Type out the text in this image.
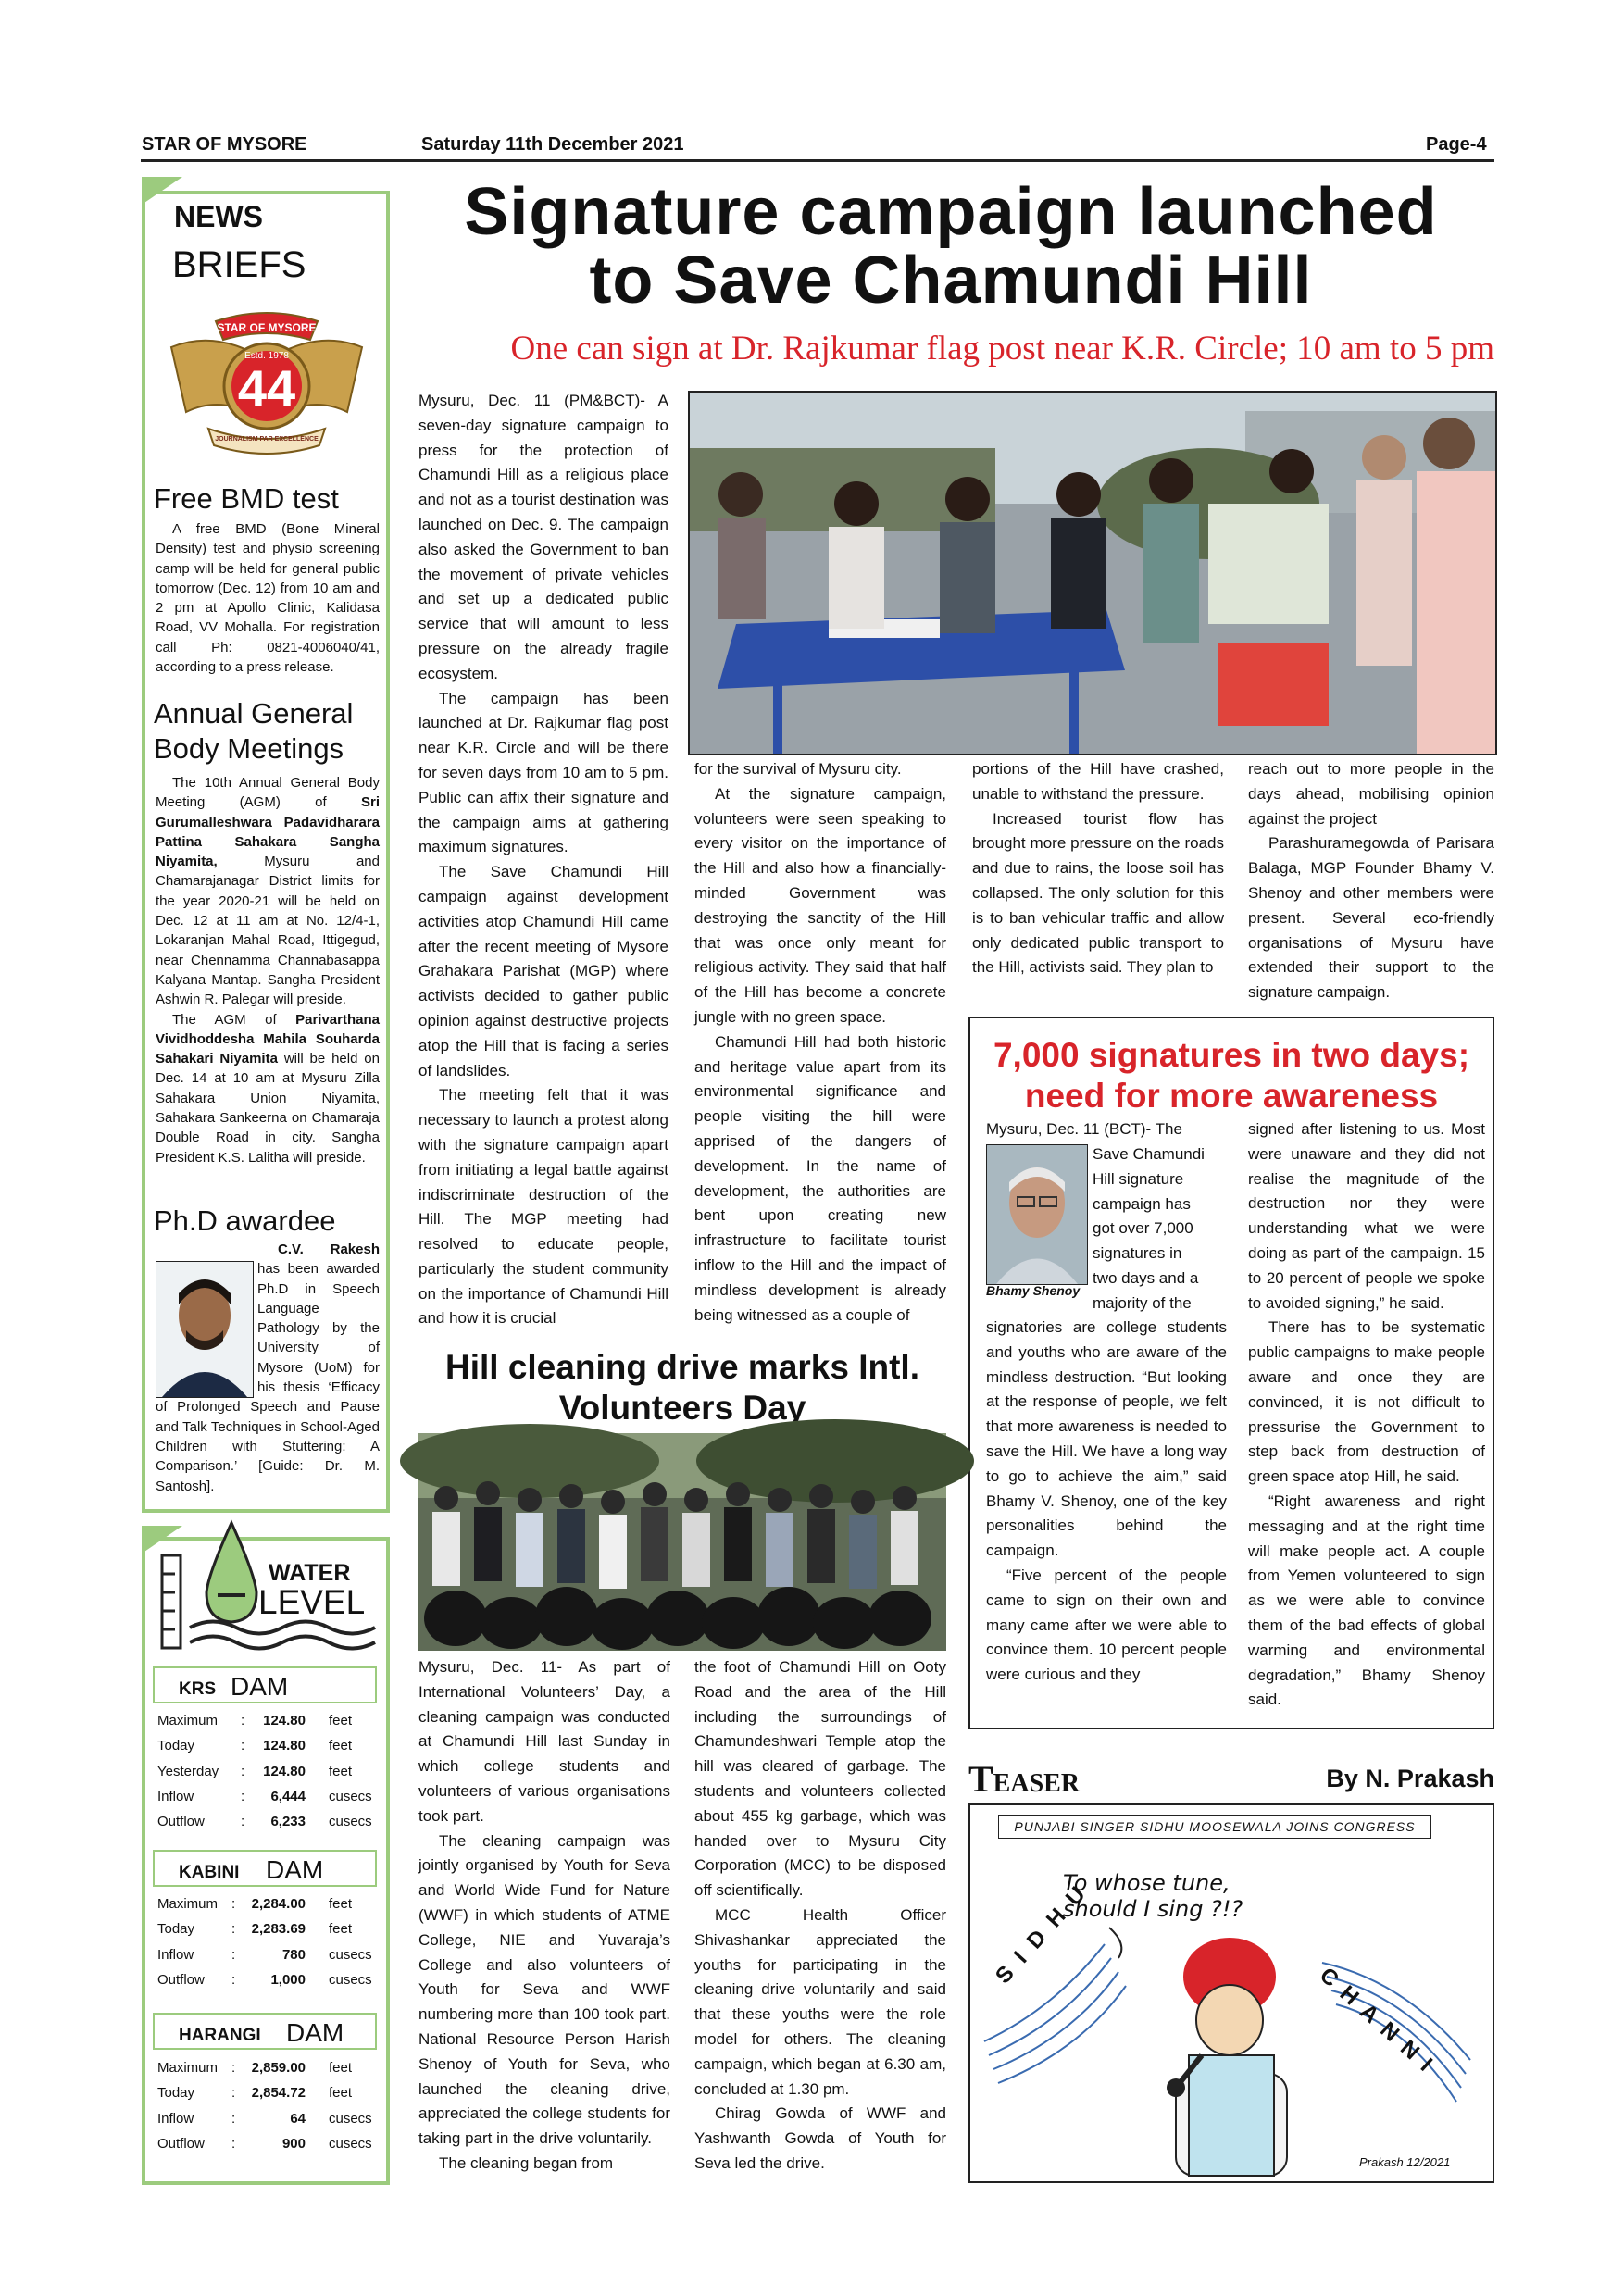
STAR OF MYSORE	Saturday 11th December 2021	Page-4
Signature campaign launched
to Save Chamundi Hill
One can sign at Dr. Rajkumar flag post near K.R. Circle; 10 am to 5 pm

Mysuru, Dec. 11 (PM&BCT)- A seven-day signature campaign to press for the protection of Chamundi Hill as a religious place and not as a tourist destination was launched on Dec. 9. The campaign also asked the Government to ban the movement of private vehicles and set up a dedicated public service that will amount to less pressure on the already fragile ecosystem.

The campaign has been launched at Dr. Rajkumar flag post near K.R. Circle and will be there for seven days from 10 am to 5 pm. Public can affix their signature and the campaign aims at gathering maximum signatures.

The Save Chamundi Hill campaign against development activities atop Chamundi Hill came after the recent meeting of Mysore Grahakara Parishat (MGP) where activists decided to gather public opinion against destructive projects atop the Hill that is facing a series of landslides.

The meeting felt that it was necessary to launch a protest along with the signature campaign apart from initiating a legal battle against indiscriminate destruction of the Hill. The MGP meeting had resolved to educate people, particularly the student community on the importance of Chamundi Hill and how it is crucial

for the survival of Mysuru city.

At the signature campaign, volunteers were seen speaking to every visitor on the importance of the Hill and also how a financially-minded Government was destroying the sanctity of the Hill that was once only meant for religious activity. They said that half of the Hill has become a concrete jungle with no green space.

Chamundi Hill had both historic and heritage value apart from its environmental significance and people visiting the hill were apprised of the dangers of development. In the name of development, the authorities are bent upon creating new infrastructure to facilitate tourist inflow to the Hill and the impact of mindless development is already being witnessed as a couple of

portions of the Hill have crashed, unable to withstand the pressure.

Increased tourist flow has brought more pressure on the roads and due to rains, the loose soil has collapsed. The only solution for this is to ban vehicular traffic and allow only dedicated public transport to the Hill, activists said. They plan to

reach out to more people in the days ahead, mobilising opinion against the project

Parashuramegowda of Parisara Balaga, MGP Founder Bhamy V. Shenoy and other members were present. Several eco-friendly organisations of Mysuru have extended their support to the signature campaign.

7,000 signatures in two days;
need for more awareness

Mysuru, Dec. 11 (BCT)- The

Bhamy Shenoy

Save Chamundi

Hill signature

campaign has

got over 7,000

signatures in

two days and a

majority of the

signatories are college students and youths who are aware of the mindless destruction. “But looking at the response of people, we felt that more awareness is needed to save the Hill. We have a long way to go to achieve the aim,” said Bhamy V. Shenoy, one of the key personalities behind the campaign.

“Five percent of the people came to sign on their own and many came after we were able to convince them. 10 percent people were curious and they

signed after listening to us. Most were unaware and they did not realise the magnitude of the destruction nor they were understanding what we were doing as part of the campaign. 15 to 20 percent of people we spoke to avoided signing,” he said.

There has to be systematic public campaigns to make people aware and once they are convinced, it is not difficult to pressurise the Government to step back from destruction of green space atop Hill, he said.

“Right awareness and right messaging and at the right time will make people act. A couple from Yemen volunteered to sign as we were able to convince them of the bad effects of global warming and environmental degradation,” Bhamy Shenoy said.

Hill cleaning drive marks Intl.
Volunteers Day

Mysuru, Dec. 11- As part of International Volunteers’ Day, a cleaning campaign was conducted at Chamundi Hill last Sunday in which college students and volunteers of various organisations took part.

The cleaning campaign was jointly organised by Youth for Seva and World Wide Fund for Nature (WWF) in which students of ATME College, NIE and Yuvaraja’s College and also volunteers of Youth for Seva and WWF numbering more than 100 took part. National Resource Person Harish Shenoy of Youth for Seva, who launched the cleaning drive, appreciated the college students for taking part in the drive voluntarily.

The cleaning began from

the foot of Chamundi Hill on Ooty Road and the area of the Hill including the surroundings of Chamundeshwari Temple atop the hill was cleared of garbage. The students and volunteers collected about 455 kg garbage, which was handed over to Mysuru City Corporation (MCC) to be disposed off scientifically.

MCC Health Officer Shivashankar appreciated the youths for participating in the cleaning drive voluntarily and said that these youths were the role model for others. The cleaning campaign, which began at 6.30 am, concluded at 1.30 pm.

Chirag Gowda of WWF and Yashwanth Gowda of Youth for Seva led the drive.

Teaser	By N. Prakash
PUNJABI SINGER SIDHU MOOSEWALA JOINS CONGRESS
To whose tune,
should I sing ?!?
SIDHU
CHANNI
Prakash 12/2021
NEWS
BRIEFS
STAR OF MYSORE
Estd. 1978
44
JOURNALISM PAR EXCELLENCE
Free BMD test

A free BMD (Bone Mineral Density) test and physio screening camp will be held for general public tomorrow (Dec. 12) from 10 am and 2 pm at Apollo Clinic, Kalidasa Road, VV Mohalla. For registration call Ph: 0821-4006040/41, according to a press release.

Annual General
Body Meetings

The 10th Annual General Body Meeting (AGM) of Sri Gurumalleshwara Padavidharara Pattina Sahakara Sangha Niyamita, Mysuru and Chamarajanagar District limits for the year 2020-21 will be held on Dec. 12 at 11 am at No. 12/4-1, Lokaranjan Mahal Road, Ittigegud, near Chennamma Channabasappa Kalyana Mantap. Sangha President Ashwin R. Palegar will preside.

The AGM of Parivarthana Vividhoddesha Mahila Souharda Sahakari Niyamita will be held on Dec. 14 at 10 am at Mysuru Zilla Sahakara Union Niyamita, Sahakara Sankeerna on Chamaraja Double Road in city. Sangha President K.S. Lalitha will preside.

Ph.D awardee

C.V. Rakesh has been awarded Ph.D in Speech Language Pathology by the University of Mysore (UoM) for his thesis ‘Efficacy of Prolonged Speech and Pause and Talk Techniques in School-Aged Children with Stuttering: A Comparison.’ [Guide: Dr. M. Santosh].

WATER
LEVEL
KRS DAM
Maximum : 124.80 feet
Today	: 124.80 feet
Yesterday : 124.80 feet
Inflow	: 6,444 cusecs
Outflow	: 6,233 cusecs
KABINI DAM
Maximum : 2,284.00 feet
Today	: 2,283.69 feet
Inflow	:	780 cusecs
Outflow :	1,000 cusecs
HARANGI DAM
Maximum : 2,859.00 feet
Today	: 2,854.72 feet
Inflow	:	64 cusecs
Outflow :	900 cusecs
